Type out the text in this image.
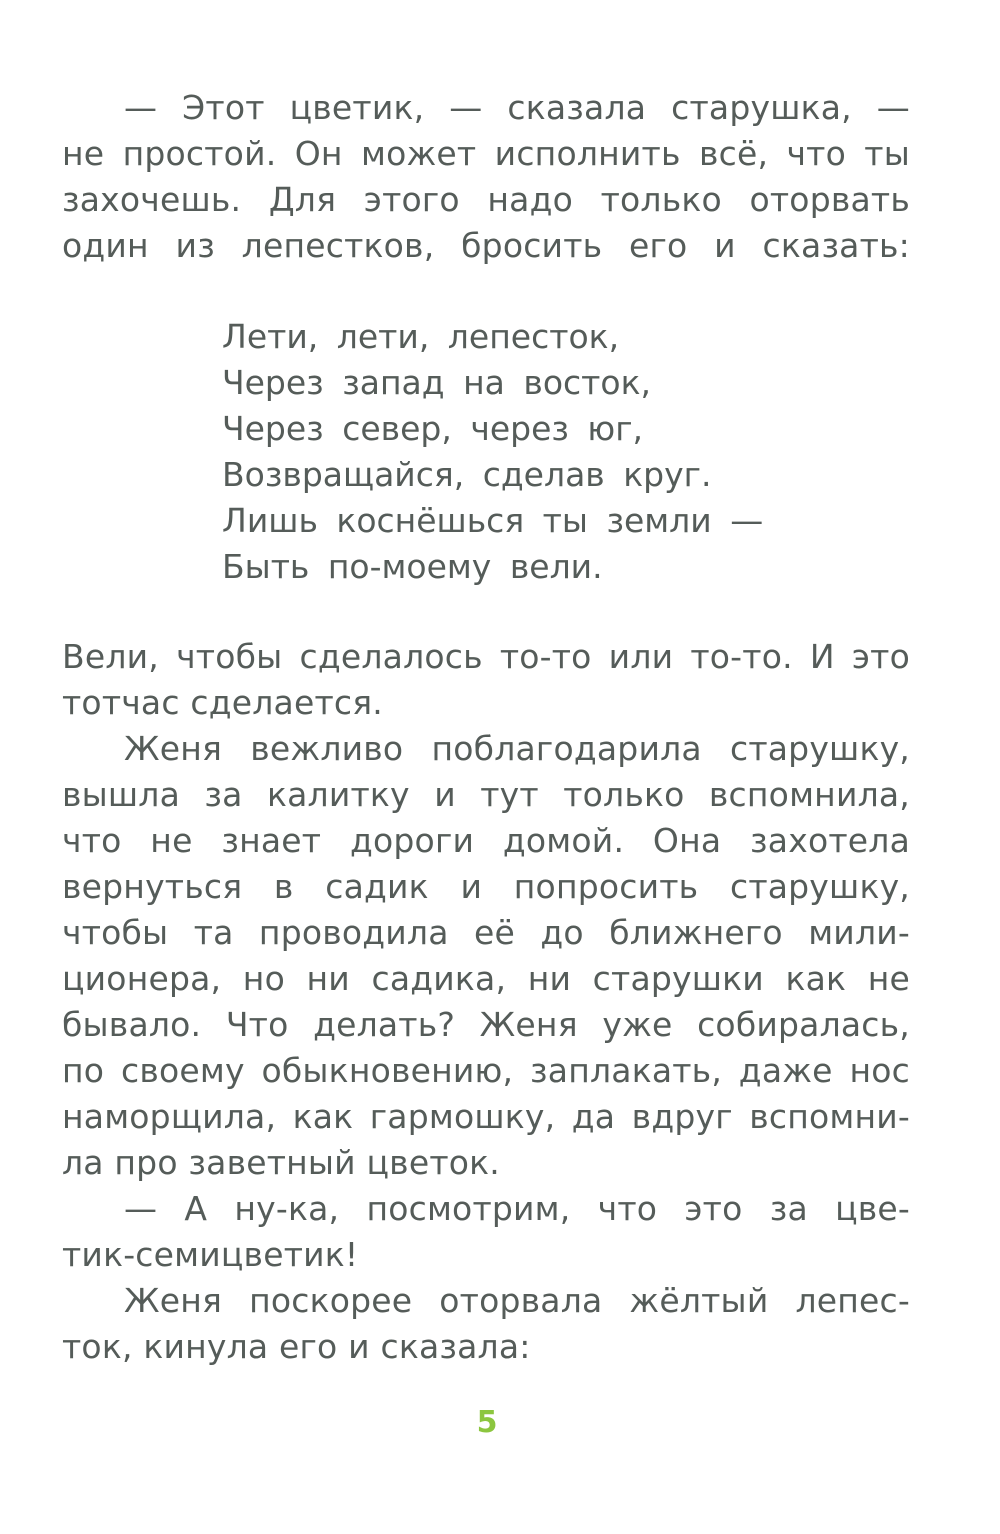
— Этот цветик, — сказала старушка, —
не простой. Он может исполнить всё, что ты
захочешь. Для этого надо только оторвать
один из лепестков, бросить его и сказать:
Лети, лети, лепесток,
Через запад на восток,
Через север, через юг,
Возвращайся, сделав круг.
Лишь коснёшься ты земли —
Быть по-моему вели.
Вели, чтобы сделалось то-то или то-то. И это
тотчас сделается.
Женя вежливо поблагодарила старушку,
вышла за калитку и тут только вспомнила,
что не знает дороги домой. Она захотела
вернуться в садик и попросить старушку,
чтобы та проводила её до ближнего мили-
ционера, но ни садика, ни старушки как не
бывало. Что делать? Женя уже собиралась,
по своему обыкновению, заплакать, даже нос
наморщила, как гармошку, да вдруг вспомни-
ла про заветный цветок.
— А ну-ка, посмотрим, что это за цве-
тик-семицветик!
Женя поскорее оторвала жёлтый лепес-
ток, кинула его и сказала:
5
